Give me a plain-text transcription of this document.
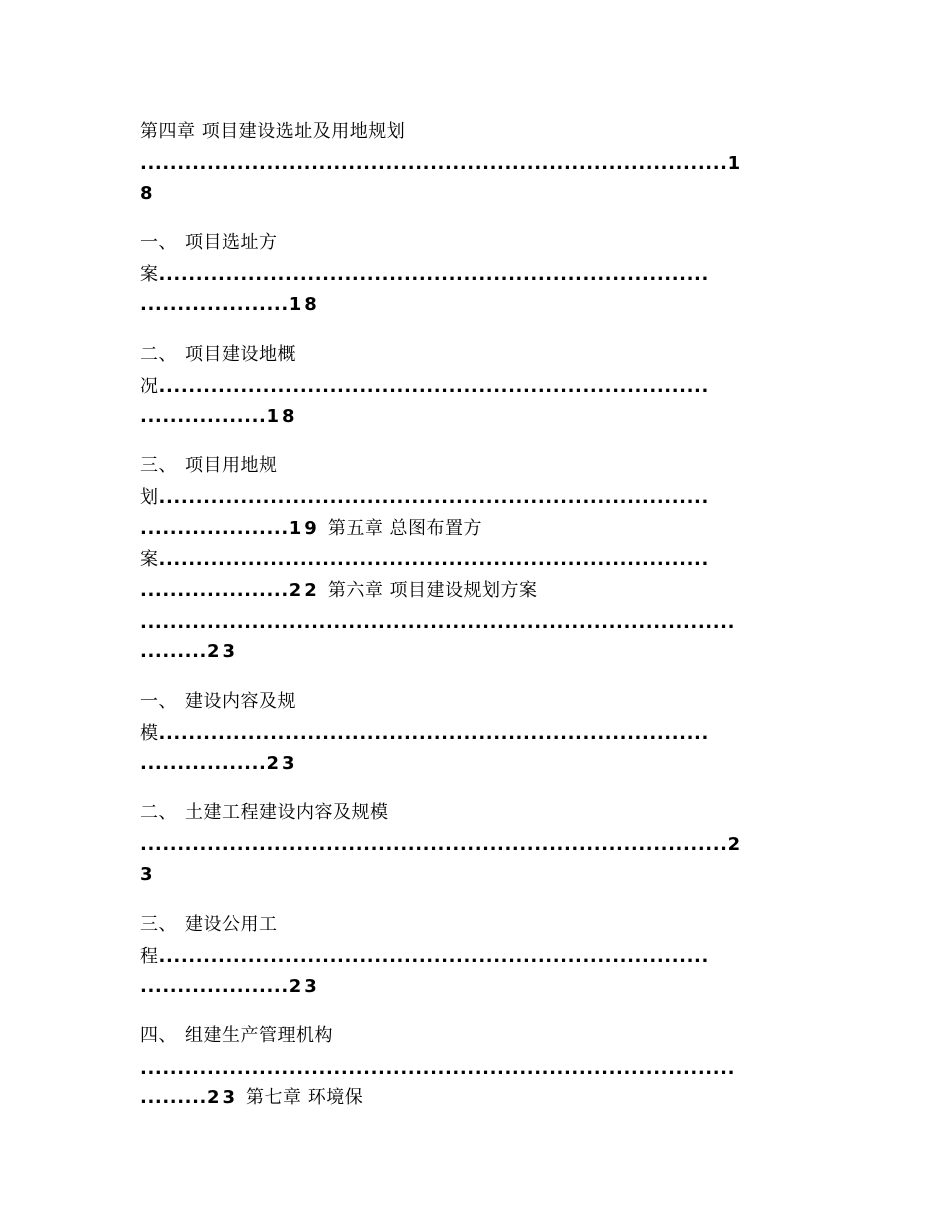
第四章 项目建设选址及用地规划
...............................................................................1
8
一、 项目选址方
案..........................................................................
....................18
二、 项目建设地概
况..........................................................................
.................18
三、 项目用地规
划..........................................................................
....................19 第五章 总图布置方
案..........................................................................
....................22 第六章 项目建设规划方案
................................................................................
.........23
一、 建设内容及规
模..........................................................................
.................23
二、 土建工程建设内容及规模
...............................................................................2
3
三、 建设公用工
程..........................................................................
....................23
四、 组建生产管理机构
................................................................................
.........23 第七章 环境保
